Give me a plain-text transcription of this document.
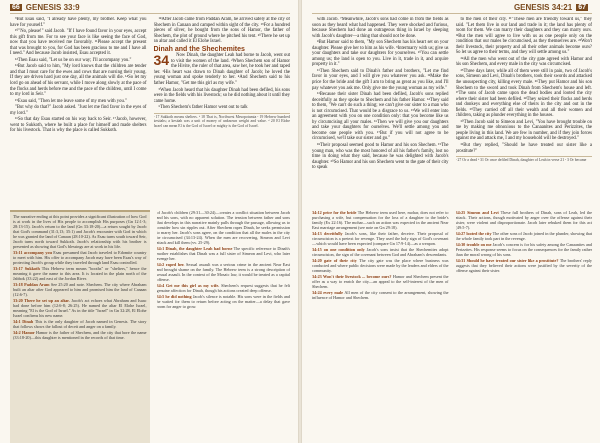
66 GENESIS 33:9

⁹But Esau said, "I already have plenty, my brother. Keep what you have for yourself."

¹⁰"No, please!" said Jacob. "If I have found favor in your eyes, accept this gift from me. For to see your face is like seeing the face of God, now that you have received me favorably. ¹¹Please accept the present that was brought to you, for God has been gracious to me and I have all I need." And because Jacob insisted, Esau accepted it.

¹²Then Esau said, "Let us be on our way; I'll accompany you."

¹³But Jacob said to him, "My lord knows that the children are tender and that I must care for the ewes and cows that are nursing their young. If they are driven hard just one day, all the animals will die. ¹⁴So let my lord go on ahead of his servant, while I move along slowly at the pace of the flocks and herds before me and the pace of the children, until I come to my lord in Seir."

¹⁵Esau said, "Then let me leave some of my men with you."

"But why do that?" Jacob asked. "Just let me find favor in the eyes of my lord."

¹⁶So that day Esau started on his way back to Seir. ¹⁷Jacob, however, went to Sukkoth, where he built a place for himself and made shelters for his livestock. That is why the place is called Sukkoth.

¹⁸After Jacob came from Paddan Aram, he arrived safely at the city of Shechem in Canaan and camped within sight of the city. ¹⁹For a hundred pieces of silver, he bought from the sons of Hamor, the father of Shechem, the plot of ground where he pitched his tent. ²⁰There he set up an altar and called it El Elohe Israel.

Dinah and the Shechemites
34	Now Dinah, the daughter Leah had borne to Jacob, went out to visit the women of the land. ²When Shechem son of Hamor the Hivite, the ruler of that area, saw her, he took her and raped her. ³His heart was drawn to Dinah daughter of Jacob; he loved the young woman and spoke tenderly to her. ⁴And Shechem said to his father Hamor, "Get me this girl as my wife."

⁵When Jacob heard that his daughter Dinah had been defiled, his sons were in the fields with his livestock; so he did nothing about it until they came home.

⁶Then Shechem's father Hamor went out to talk

ᵃ 17 Sukkoth means shelters. ᵇ 18 That is, Northwest Mesopotamia ᶜ 19 Hebrew hundred kesitahs; a kesitah was a unit of money of unknown weight and value. ᵈ 20 El Elohe Israel can mean El is the God of Israel or mighty is the God of Israel.

The narrative ending at this point provides a significant illustration of how God is at work in the lives of His people to accomplish His purposes (Gn 12:1-3; 28:13-15). Jacob's return to the land (Gn 33:18-20)—a return sought by Jacob that God's command (31:3,13; 35:1) and Jacob's encounter with God in which he was granted the land of Canaan (28:10-22). As Esau turns south toward Seir, Jacob turns north toward Sukkoth. Jacob's relationship with his brother is presented as showing that God's blessings are at work in his life.

33:11 accompany you Esau presumed that Jacob traveled to Edomite country to meet with him. His offer to accompany Jacob may have been Esau's way of protecting Jacob's group while they traveled through land Esau controlled.

33:17 Sukkoth This Hebrew term means "booths" or "shelters," hence the meaning it gave the name to this area. It is located in the plain north of the Jabbok (33:22) and east of the Jordan River.

33:18 Paddan Aram See 25:20 and note. Shechem. The city where Abraham built an altar after God appeared to him and promised him the land of Canaan (12:6-7).

33:20 There he set up an altar. Jacob's act echoes what Abraham and Isaac had done before him (12:6-8; 26:25). He named the altar El Elohe Israel, meaning "El is the God of Israel." As in the title "Israel" in Gn 32:28, El Elohe Israel confirms his new name.

34:1 Dinah This is the only daughter of Jacob named in Genesis. The story that follows shows the fallout of deceit and anger on a family.

34:2 Hamor Hamor is the father of Shechem, and the city that bore the name (33:18-20)—this daughter is mentioned in the records of that time.

of Jacob's children (29:31—30:24)—creates a conflict situation between Jacob and his sons, with no apparent solution. The tension between father and sons that develops in this narrative mainly pulls through the passage, allowing us to consider how sin ripples out. After Shechem rapes Dinah, he seeks permission to marry her. Jacob's sons agree, on the condition that all the males in the city be circumcised (34:13-24). When the men are recovering, Simeon and Levi attack and kill them (vv. 25-29).

34:1 Dinah, the daughter Leah had borne The specific reference to Dinah's mother establishes that Dinah was a full sister of Simeon and Levi, who later avenge her.

34:2 raped her. Sexual assault was a serious crime in the ancient Near East and brought shame on the family. The Hebrew term is a strong description of sexual assault. In the context of the Mosaic law, it would be treated as a capital offense.

34:4 Get me this girl as my wife. Shechem's request suggests that he felt genuine affection for Dinah, though his actions created deep offense.

34:5 he did nothing Jacob's silence is notable. His sons were in the fields and he waited for them to return before acting on the matter—a delay that gave room for anger to grow.

GENESIS 34:21 67

with Jacob. ⁷Meanwhile, Jacob's sons had come in from the fields as soon as they heard what had happened. They were shocked and furious, because Shechem had done an outrageous thing in Israel by sleeping with Jacob's daughter—a thing that should not be done.

⁸But Hamor said to them, "My son Shechem has his heart set on your daughter. Please give her to him as his wife. ⁹Intermarry with us; give us your daughters and take our daughters for yourselves. ¹⁰You can settle among us; the land is open to you. Live in it, trade in it, and acquire property in it."

¹¹Then Shechem said to Dinah's father and brothers, "Let me find favor in your eyes, and I will give you whatever you ask. ¹²Make the price for the bride and the gift I am to bring as great as you like, and I'll pay whatever you ask me. Only give me the young woman as my wife."

¹³Because their sister Dinah had been defiled, Jacob's sons replied deceitfully as they spoke to Shechem and his father Hamor. ¹⁴They said to them, "We can't do such a thing; we can't give our sister to a man who is not circumcised. That would be a disgrace to us. ¹⁵We will enter into an agreement with you on one condition only: that you become like us by circumcising all your males. ¹⁶Then we will give you our daughters and take your daughters for ourselves. We'll settle among you and become one people with you. ¹⁷But if you will not agree to be circumcised, we'll take our sister and go."

¹⁸Their proposal seemed good to Hamor and his son Shechem. ¹⁹The young man, who was the most honored of all his father's family, lost no time in doing what they said, because he was delighted with Jacob's daughter. ²⁰So Hamor and his son Shechem went to the gate of their city to speak

to the men of their city. ²¹"These men are friendly toward us," they said. "Let them live in our land and trade in it; the land has plenty of room for them. We can marry their daughters and they can marry ours. ²²But the men will agree to live with us as one people only on the condition that our males be circumcised, as they themselves are. ²³Won't their livestock, their property and all their other animals become ours? So let us agree to their terms, and they will settle among us."

²⁴All the men who went out of the city gate agreed with Hamor and his son Shechem, and every male in the city was circumcised.

²⁵Three days later, while all of them were still in pain, two of Jacob's sons, Simeon and Levi, Dinah's brothers, took their swords and attacked the unsuspecting city, killing every male. ²⁶They put Hamor and his son Shechem to the sword and took Dinah from Shechem's house and left. ²⁷The sons of Jacob came upon the dead bodies and looted the city where their sister had been defiled. ²⁸They seized their flocks and herds and donkeys and everything else of theirs in the city and out in the fields. ²⁹They carried off all their wealth and all their women and children, taking as plunder everything in the houses.

³⁰Then Jacob said to Simeon and Levi, "You have brought trouble on me by making me obnoxious to the Canaanites and Perizzites, the people living in this land. We are few in number, and if they join forces against me and attack me, I and my household will be destroyed."

³¹But they replied, "Should he have treated our sister like a prostitute?"

ᵃ 27 Or a dead ᵇ 31 Or once defiled Dinah, daughter of Leah in verse 21 ᶜ 3 Or became

34:12 price for the bride The Hebrew term used here, mohar, does not refer to purchasing a wife, but compensation for the loss of a daughter to the bride's family (Ex 22:16). The mohar—such an action was expected in the ancient Near East marriage arrangement (see note on Gn 29:18).

34:13 deceitfully Jacob's sons, like their father, deceive. Their proposal of circumcision is a pretext for revenge. They used the holy sign of God's covenant—which would have been expected (compare Gn 17:9-14)—as a weapon.

34:15 on one condition only Jacob's sons insist that the Shechemites adopt circumcision, the sign of the covenant between God and Abraham's descendants.

34:20 gate of their city The city gate was the place where business was conducted and where public decisions were made by the leaders and elders of the community.

34:23 Won't their livestock ... become ours? Hamor and Shechem present the offer as a way to enrich the city—an appeal to the self-interest of the men of Shechem.

34:24 every male All men of the city consent to the arrangement, showing the influence of Hamor and Shechem.

34:25 Simeon and Levi These full brothers of Dinah, sons of Leah, led the attack. Their actions, though motivated by anger over the offense against their sister, were violent and disproportionate. Jacob later rebuked them for this act (49:5-7).

34:27 looted the city The other sons of Jacob joined in the plunder, showing that the whole family took part in the revenge.

34:30 trouble on me Jacob's concern is for his safety among the Canaanites and Perizzites. His response seems to focus on the consequences for the family rather than the moral wrong of his sons.

34:31 Should he have treated our sister like a prostitute? The brothers' reply suggests that they believed their actions were justified by the severity of the offense against their sister.
